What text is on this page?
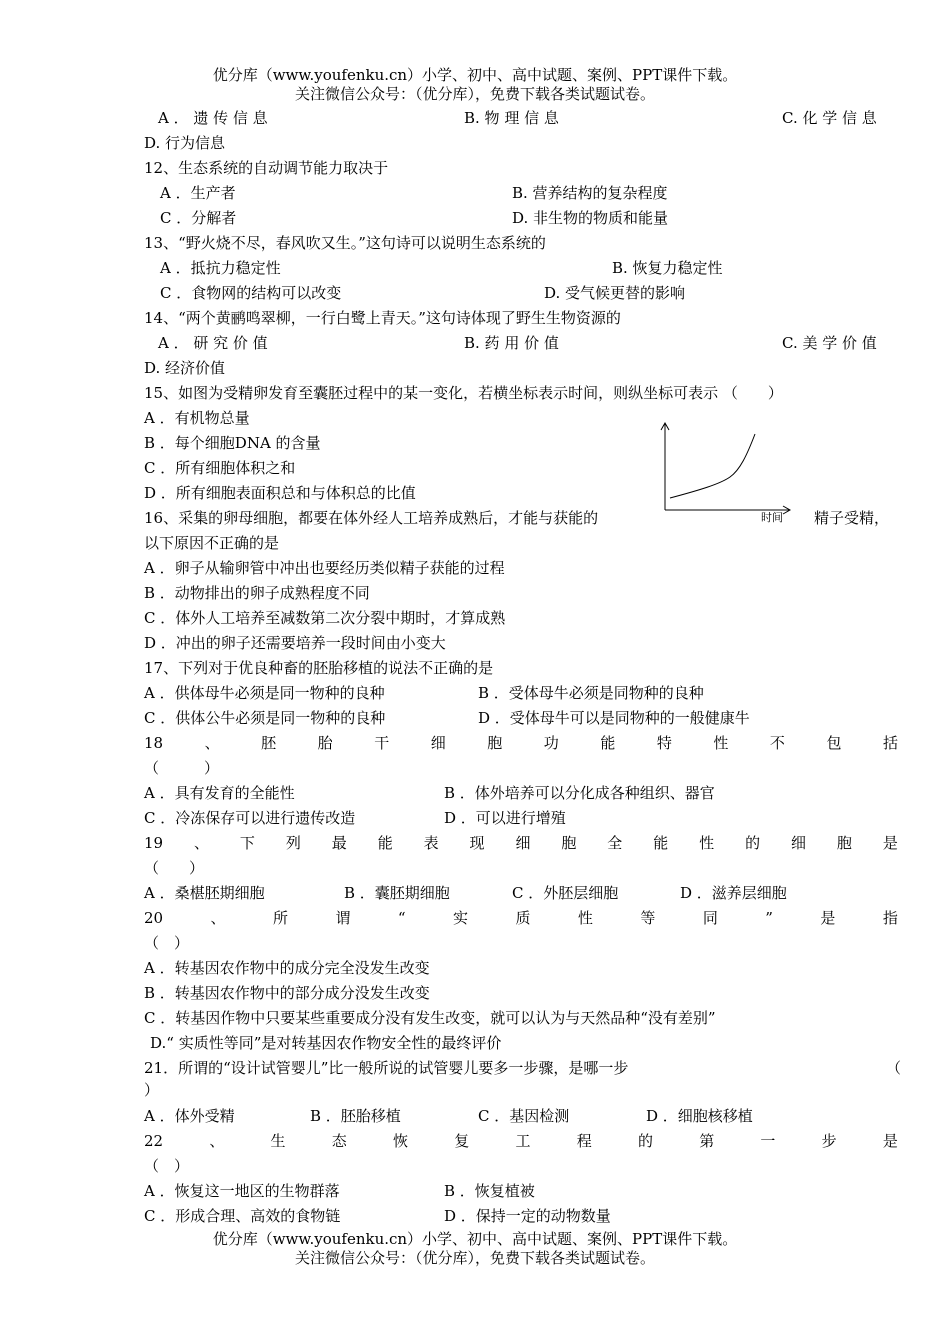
优分库（www.youfenku.cn）小学、初中、高中试题、案例、PPT课件下载。
关注微信公众号：（优分库），免费下载各类试题试卷。
A ． 遗 传 信 息	B. 物 理 信 息	C. 化 学 信 息
D. 行为信息
12、生态系统的自动调节能力取决于
A ．生产者	B. 营养结构的复杂程度
C ．分解者	D. 非生物的物质和能量
13、“野火烧不尽，春风吹又生。”这句诗可以说明生态系统的
A ．抵抗力稳定性	B. 恢复力稳定性
C ．食物网的结构可以改变	D. 受气候更替的影响
14、“两个黄鹂鸣翠柳，一行白鹭上青天。”这句诗体现了野生生物资源的
A ． 研 究 价 值	B. 药 用 价 值	C. 美 学 价 值
D. 经济价值
15、如图为受精卵发育至囊胚过程中的某一变化，若横坐标表示时间，则纵坐标可表示 （　　）
A ．有机物总量
B ．每个细胞DNA 的含量
C ．所有细胞体积之和
D ．所有细胞表面积总和与体积总的比值
时间
16、采集的卵母细胞，都要在体外经人工培养成熟后，才能与获能的	精子受精，
以下原因不正确的是
A ．卵子从输卵管中冲出也要经历类似精子获能的过程
B ．动物排出的卵子成熟程度不同
C ．体外人工培养至减数第二次分裂中期时，才算成熟
D ．冲出的卵子还需要培养一段时间由小变大
17、下列对于优良种畜的胚胎移植的说法不正确的是
A ．供体母牛必须是同一物种的良种	B ．受体母牛必须是同物种的良种
C ．供体公牛必须是同一物种的良种	D ．受体母牛可以是同物种的一般健康牛
18	、	胚	胎	干	细	胞	功	能	特	性	不	包	括
（　　　）
A ．具有发育的全能性	B ．体外培养可以分化成各种组织、器官
C ．冷冻保存可以进行遗传改造	D ．可以进行增殖
19 、 下 列 最 能 表 现 细 胞 全 能 性 的 细 胞 是
（　　）
A ．桑椹胚期细胞	B ．囊胚期细胞	C ．外胚层细胞	D ．滋养层细胞
20	、	所	谓	“	实	质	性	等	同	”	是	指
（　）
A ．转基因农作物中的成分完全没发生改变
B ．转基因农作物中的部分成分没发生改变
C ．转基因作物中只要某些重要成分没有发生改变，就可以认为与天然品种“没有差别”
D.“ 实质性等同”是对转基因农作物安全性的最终评价
21．所谓的“设计试管婴儿”比一般所说的试管婴儿要多一步骤，是哪一步	（
）
A ．体外受精	B ．胚胎移植	C ．基因检测	D ．细胞核移植
22	、	生	态	恢	复	工	程	的	第	一	步	是
（　）
A ．恢复这一地区的生物群落	B ．恢复植被
C ．形成合理、高效的食物链	D ．保持一定的动物数量
优分库（www.youfenku.cn）小学、初中、高中试题、案例、PPT课件下载。
关注微信公众号：（优分库），免费下载各类试题试卷。
